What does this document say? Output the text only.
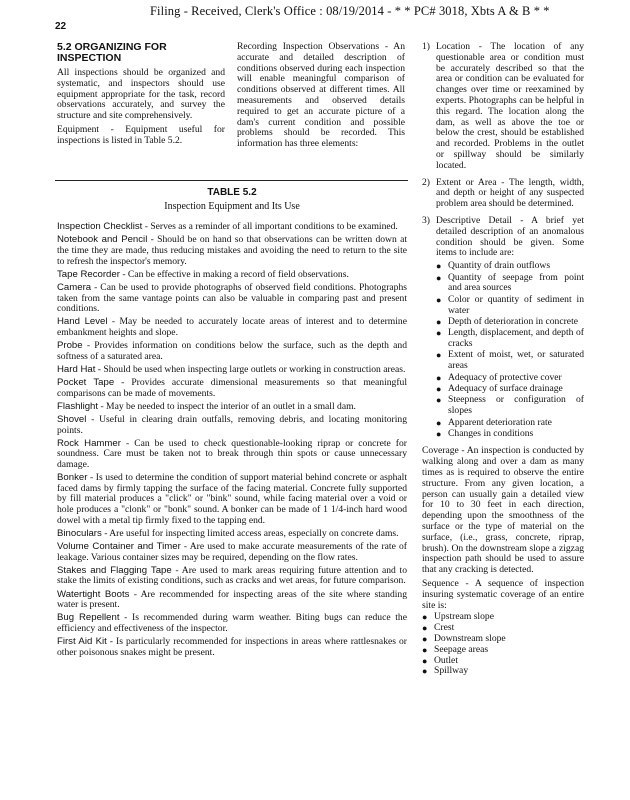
Filing - Received, Clerk's Office : 08/19/2014 - * * PC# 3018, Xbts A & B * *
22
5.2 ORGANIZING FOR INSPECTION

All inspections should be organized and systematic, and inspectors should use equipment appropriate for the task, record observations accurately, and survey the structure and site comprehensively.

Equipment - Equipment useful for inspections is listed in Table 5.2.

Recording Inspection Observations - An accurate and detailed description of conditions observed during each inspection will enable meaningful comparison of conditions observed at different times. All measurements and observed details required to get an accurate picture of a dam's current condition and possible problems should be recorded. This information has three elements:

TABLE 5.2
Inspection Equipment and Its Use

Inspection Checklist - Serves as a reminder of all important conditions to be examined.

Notebook and Pencil - Should be on hand so that observations can be written down at the time they are made, thus reducing mistakes and avoiding the need to return to the site to refresh the inspector's memory.

Tape Recorder - Can be effective in making a record of field observations.

Camera - Can be used to provide photographs of observed field conditions. Photographs taken from the same vantage points can also be valuable in comparing past and present conditions.

Hand Level - May be needed to accurately locate areas of interest and to determine embankment heights and slope.

Probe - Provides information on conditions below the surface, such as the depth and softness of a saturated area.

Hard Hat - Should be used when inspecting large outlets or working in construction areas.

Pocket Tape - Provides accurate dimensional measurements so that meaningful comparisons can be made of movements.

Flashlight - May be needed to inspect the interior of an outlet in a small dam.

Shovel - Useful in clearing drain outfalls, removing debris, and locating monitoring points.

Rock Hammer - Can be used to check questionable-looking riprap or concrete for soundness. Care must be taken not to break through thin spots or cause unnecessary damage.

Bonker - Is used to determine the condition of support material behind concrete or asphalt faced dams by firmly tapping the surface of the facing material. Concrete fully supported by fill material produces a "click" or "bink" sound, while facing material over a void or hole produces a "clonk" or "bonk" sound. A bonker can be made of 1 1/4-inch hard wood dowel with a metal tip firmly fixed to the tapping end.

Binoculars - Are useful for inspecting limited access areas, especially on concrete dams.

Volume Container and Timer - Are used to make accurate measurements of the rate of leakage. Various container sizes may be required, depending on the flow rates.

Stakes and Flagging Tape - Are used to mark areas requiring future attention and to stake the limits of existing conditions, such as cracks and wet areas, for future comparison.

Watertight Boots - Are recommended for inspecting areas of the site where standing water is present.

Bug Repellent - Is recommended during warm weather. Biting bugs can reduce the efficiency and effectiveness of the inspector.

First Aid Kit - Is particularly recommended for inspections in areas where rattlesnakes or other poisonous snakes might be present.

1) Location - The location of any questionable area or condition must be accurately described so that the area or condition can be evaluated for changes over time or reexamined by experts. Photographs can be helpful in this regard. The location along the dam, as well as above the toe or below the crest, should be established and recorded. Problems in the outlet or spillway should be similarly located.
2) Extent or Area - The length, width, and depth or height of any suspected problem area should be determined.
3) Descriptive Detail - A brief yet detailed description of an anomalous condition should be given. Some items to include are:
● Quantity of drain outflows
● Quantity of seepage from point and area sources
● Color or quantity of sediment in water
● Depth of deterioration in concrete
● Length, displacement, and depth of cracks
● Extent of moist, wet, or saturated areas
● Adequacy of protective cover
● Adequacy of surface drainage
● Steepness or configuration of slopes
● Apparent deterioration rate
● Changes in conditions

Coverage - An inspection is conducted by walking along and over a dam as many times as is required to observe the entire structure. From any given location, a person can usually gain a detailed view for 10 to 30 feet in each direction, depending upon the smoothness of the surface or the type of material on the surface, (i.e., grass, concrete, riprap, brush). On the downstream slope a zigzag inspection path should be used to assure that any cracking is detected.

Sequence - A sequence of inspection insuring systematic coverage of an entire site is:

● Upstream slope
● Crest
● Downstream slope
● Seepage areas
● Outlet
● Spillway
